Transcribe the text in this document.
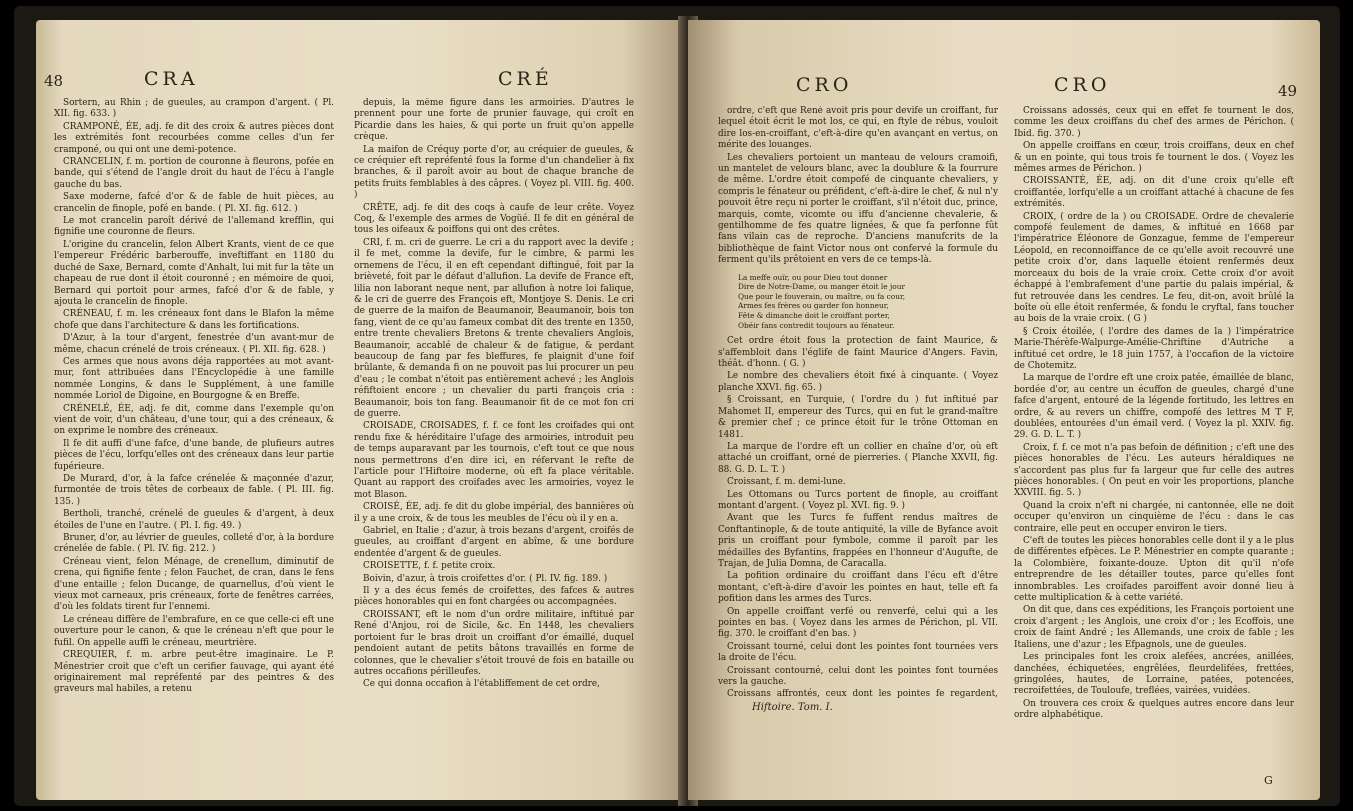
48	CRA	CRÉ

Sortern, au Rhin ; de gueules, au crampon d'argent. ( Pl. XII. fig. 633. )

CRAMPONÉ, ÉE, adj. fe dit des croix & autres pièces dont les extrémités font recourbées comme celles d'un fer cramponé, ou qui ont une demi-potence.

CRANCELIN, f. m. portion de couronne à fleurons, pofée en bande, qui s'étend de l'angle droit du haut de l'écu à l'angle gauche du bas.

Saxe moderne, fafcé d'or & de fable de huit pièces, au crancelin de finople, pofé en bande. ( Pl. XI. fig. 612. )

Le mot crancelin paroît dérivé de l'allemand krefflin, qui fignifie une couronne de fleurs.

L'origine du crancelin, felon Albert Krants, vient de ce que l'empereur Frédéric barberouffe, inveftiffant en 1180 du duché de Saxe, Bernard, comte d'Anhalt, lui mit fur la tête un chapeau de rue dont il étoit couronné ; en mémoire de quoi, Bernard qui portoit pour armes, fafcé d'or & de fable, y ajouta le crancelin de finople.

CRÉNEAU, f. m. les créneaux font dans le Blafon la même chofe que dans l'architecture & dans les fortifications.

D'Azur, à la tour d'argent, fenestrée d'un avant-mur de même, chacun crénelé de trois créneaux. ( Pl. XII. fig. 628. )

Ces armes que nous avons déja rapportées au mot avant-mur, font attribuées dans l'Encyclopédie à une famille nommée Longins, & dans le Supplément, à une famille nommée Loriol de Digoine, en Bourgogne & en Breffe.

CRÉNELÉ, ÉE, adj. fe dit, comme dans l'exemple qu'on vient de voir, d'un château, d'une tour, qui a des créneaux, & on exprime le nombre des créneaux.

Il fe dit auffi d'une fafce, d'une bande, de plufieurs autres pièces de l'écu, lorfqu'elles ont des créneaux dans leur partie fupérieure.

De Murard, d'or, à la fafce crénelée & maçonnée d'azur, furmontée de trois têtes de corbeaux de fable. ( Pl. III. fig. 135. )

Bertholi, tranché, crénelé de gueules & d'argent, à deux étoiles de l'une en l'autre. ( Pl. I. fig. 49. )

Bruner, d'or, au lévrier de gueules, colleté d'or, à la bordure crénelée de fable. ( Pl. IV. fig. 212. )

Créneau vient, felon Ménage, de crenellum, diminutif de crena, qui fignifie fente ; felon Fauchet, de cran, dans le fens d'une entaille ; felon Ducange, de quarnellus, d'où vient le vieux mot carneaux, pris créneaux, forte de fenêtres carrées, d'où les foldats tirent fur l'ennemi.

Le créneau diffère de l'embrafure, en ce que celle-ci eft une ouverture pour le canon, & que le créneau n'eft que pour le fufil. On appelle auffi le créneau, meurtrière.

CREQUIER, f. m. arbre peut-être imaginaire. Le P. Ménestrier croit que c'eft un cerifier fauvage, qui ayant été originairement mal repréfenté par des peintres & des graveurs mal habiles, a retenu

depuis, la même figure dans les armoiries. D'autres le prennent pour une forte de prunier fauvage, qui croît en Picardie dans les haies, & qui porte un fruit qu'on appelle crèque.

La maifon de Créquy porte d'or, au créquier de gueules, & ce créquier eft repréfenté fous la forme d'un chandelier à fix branches, & il paroît avoir au bout de chaque branche de petits fruits femblables à des câpres. ( Voyez pl. VIII. fig. 400. )

CRÊTE, adj. fe dit des coqs à caufe de leur crête. Voyez Coq, & l'exemple des armes de Vogüé. Il fe dit en général de tous les oifeaux & poiffons qui ont des crêtes.

CRI, f. m. cri de guerre. Le cri a du rapport avec la devife ; il fe met, comme la devife, fur le cimbre, & parmi les ornemens de l'écu, il en eft cependant diftingué, foit par la brièveté, foit par le défaut d'allufion. La devife de France eft, lilia non laborant neque nent, par allufion à notre loi falique, & le cri de guerre des François eft, Montjoye S. Denis. Le cri de guerre de la maifon de Beaumanoir, Beaumanoir, bois ton fang, vient de ce qu'au fameux combat dit des trente en 1350, entre trente chevaliers Bretons & trente chevaliers Anglois, Beaumanoir, accablé de chaleur & de fatigue, & perdant beaucoup de fang par fes bleffures, fe plaignit d'une foif brûlante, & demanda fi on ne pouvoit pas lui procurer un peu d'eau ; le combat n'étoit pas entièrement achevé ; les Anglois réfiftoient encore ; un chevalier du parti françois cria : Beaumanoir, bois ton fang. Beaumanoir fit de ce mot fon cri de guerre.

CROISADE, CROISADES, f. f. ce font les croifades qui ont rendu fixe & héréditaire l'ufage des armoiries, introduit peu de temps auparavant par les tournois, c'eft tout ce que nous nous permettrons d'en dire ici, en réfervant le refte de l'article pour l'Hiftoire moderne, où eft fa place véritable. Quant au rapport des croifades avec les armoiries, voyez le mot Blason.

CROISÉ, ÉE, adj. fe dit du globe impérial, des bannières où il y a une croix, & de tous les meubles de l'écu où il y en a.

Gabriel, en Italie ; d'azur, à trois bezans d'argent, croifés de gueules, au croiffant d'argent en abîme, & une bordure endentée d'argent & de gueules.

CROISETTE, f. f. petite croix.

Boivin, d'azur, à trois croifettes d'or. ( Pl. IV. fig. 189. )

Il y a des écus femés de croifettes, des fafces & autres pièces honorables qui en font chargées ou accompagnées.

CROISSANT, eft le nom d'un ordre militaire, inftitué par René d'Anjou, roi de Sicile, &c. En 1448, les chevaliers portoient fur le bras droit un croiffant d'or émaillé, duquel pendoient autant de petits bâtons travaillés en forme de colonnes, que le chevalier s'étoit trouvé de fois en bataille ou autres occafions périlleufes.

Ce qui donna occafion à l'établiffement de cet ordre,

CRO	CRO	49

ordre, c'eft que René avoit pris pour devife un croiffant, fur lequel étoit écrit le mot los, ce qui, en ftyle de rébus, vouloit dire los-en-croiffant, c'eft-à-dire qu'en avançant en vertus, on mérite des louanges.

Les chevaliers portoient un manteau de velours cramoifi, un mantelet de velours blanc, avec la doublure & la fourrure de même. L'ordre étoit compofé de cinquante chevaliers, y compris le fénateur ou préfident, c'eft-à-dire le chef, & nul n'y pouvoit être reçu ni porter le croiffant, s'il n'étoit duc, prince, marquis, comte, vicomte ou iffu d'ancienne chevalerie, & gentilhomme de fes quatre lignées, & que fa perfonne fût fans vilain cas de reproche. D'anciens manufcrits de la bibliothèque de faint Victor nous ont confervé la formule du ferment qu'ils prêtoient en vers de ce temps-là.

La meffe ouïr, ou pour Dieu tout donner
Dire de Notre-Dame, ou manger étoit le jour
Que pour le fouverain, ou maître, ou fa cour,
Armes fes frères ou garder fon honneur,
Fête & dimanche doit le croiffant porter,
Obéir fans contredit toujours au fénateur.

Cet ordre étoit fous la protection de faint Maurice, & s'affembloit dans l'églife de faint Maurice d'Angers. Favin, théât. d'honn. ( G. )

Le nombre des chevaliers étoit fixé à cinquante. ( Voyez planche XXVI. fig. 65. )

§ Croissant, en Turquie, ( l'ordre du ) fut inftitué par Mahomet II, empereur des Turcs, qui en fut le grand-maître & premier chef ; ce prince étoit fur le trône Ottoman en 1481.

La marque de l'ordre eft un collier en chaîne d'or, où eft attaché un croiffant, orné de pierreries. ( Planche XXVII, fig. 88. G. D. L. T. )

Croissant, f. m. demi-lune.

Les Ottomans ou Turcs portent de finople, au croiffant montant d'argent. ( Voyez pl. XVI. fig. 9. )

Avant que les Turcs fe fuffent rendus maîtres de Conftantinople, & de toute antiquité, la ville de Byfance avoit pris un croiffant pour fymbole, comme il paroît par les médailles des Byfantins, frappées en l'honneur d'Augufte, de Trajan, de Julia Domna, de Caracalla.

La pofition ordinaire du croiffant dans l'écu eft d'être montant, c'eft-à-dire d'avoir les pointes en haut, telle eft fa pofition dans les armes des Turcs.

On appelle croiffant verfé ou renverfé, celui qui a les pointes en bas. ( Voyez dans les armes de Périchon, pl. VII. fig. 370. le croiffant d'en bas. )

Croissant tourné, celui dont les pointes font tournées vers la droite de l'écu.

Croissant contourné, celui dont les pointes font tournées vers la gauche.

Croissans affrontés, ceux dont les pointes fe regardent,

Croissans adossés, ceux qui en effet fe tournent le dos, comme les deux croiffans du chef des armes de Périchon. ( Ibid. fig. 370. )

On appelle croiffans en cœur, trois croiffans, deux en chef & un en pointe, qui tous trois fe tournent le dos. ( Voyez les mêmes armes de Périchon. )

CROISSANTÉ, ÉE, adj. on dit d'une croix qu'elle eft croiffantée, lorfqu'elle a un croiffant attaché à chacune de fes extrémités.

CROIX, ( ordre de la ) ou CROISADE. Ordre de chevalerie compofé feulement de dames, & inftitué en 1668 par l'impératrice Éléonore de Gonzague, femme de l'empereur Léopold, en reconnoiffance de ce qu'elle avoit recouvré une petite croix d'or, dans laquelle étoient renfermés deux morceaux du bois de la vraie croix. Cette croix d'or avoit échappé à l'embrafement d'une partie du palais impérial, & fut retrouvée dans les cendres. Le feu, dit-on, avoit brûlé la boîte où elle étoit renfermée, & fondu le cryftal, fans toucher au bois de la vraie croix. ( G )

§ Croix étoilée, ( l'ordre des dames de la ) l'impératrice Marie-Thérèfe-Walpurge-Amélie-Chriftine d'Autriche a inftitué cet ordre, le 18 juin 1757, à l'occafion de la victoire de Chotemitz.

La marque de l'ordre eft une croix patée, émaillée de blanc, bordée d'or, au centre un écuffon de gueules, chargé d'une fafce d'argent, entouré de la légende fortitudo, les lettres en ordre, & au revers un chiffre, compofé des lettres M T F, doublées, entourées d'un émail verd. ( Voyez la pl. XXIV. fig. 29. G. D. L. T. )

Croix, f. f. ce mot n'a pas befoin de définition ; c'eft une des pièces honorables de l'écu. Les auteurs héraldiques ne s'accordent pas plus fur fa largeur que fur celle des autres pièces honorables. ( On peut en voir les proportions, planche XXVIII. fig. 5. )

Quand la croix n'eft ni chargée, ni cantonnée, elle ne doit occuper qu'environ un cinquième de l'écu : dans le cas contraire, elle peut en occuper environ le tiers.

C'eft de toutes les pièces honorables celle dont il y a le plus de différentes efpèces. Le P. Ménestrier en compte quarante ; la Colombière, foixante-douze. Upton dit qu'il n'ofe entreprendre de les détailler toutes, parce qu'elles font innombrables. Les croifades paroiffent avoir donné lieu à cette multiplication & à cette variété.

On dit que, dans ces expéditions, les François portoient une croix d'argent ; les Anglois, une croix d'or ; les Ecoffois, une croix de faint André ; les Allemands, une croix de fable ; les Italiens, une d'azur ; les Efpagnols, une de gueules.

Les principales font les croix alefées, ancrées, anillées, danchées, échiquetées, engrêlées, fleurdelifées, frettées, gringolées, hautes, de Lorraine, patées, potencées, recroifettées, de Touloufe, treflées, vairées, vuidées.

On trouvera ces croix & quelques autres encore dans leur ordre alphabétique.

Hiftoire. Tom. I.
G
